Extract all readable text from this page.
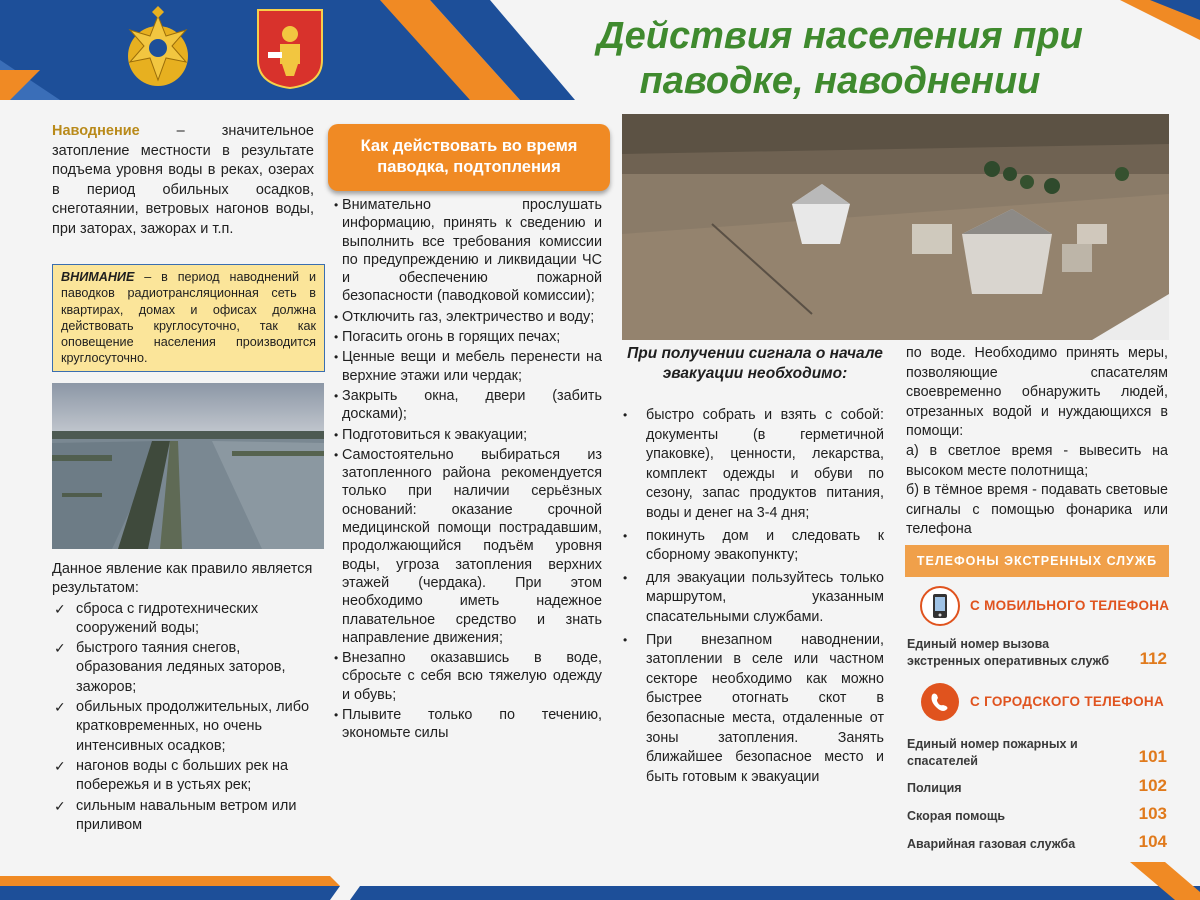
Действия населения при
паводке, наводнении

Наводнение – значительное затопление местности в результате подъема уровня воды в реках, озерах в период обильных осадков, снеготаянии, ветровых нагонов воды, при заторах, зажорах и т.п.

ВНИМАНИЕ – в период наводнений и паводков радиотрансляционная сеть в квартирах, домах и офисах должна действовать круглосуточно, так как оповещение населения производится круглосуточно.

Данное явление как правило является результатом:

✓ сброса с гидротехнических сооружений воды;
✓ быстрого таяния снегов, образования ледяных заторов, зажоров;
✓ обильных продолжительных, либо кратковременных, но очень интенсивных осадков;
✓ нагонов воды с больших рек на побережья и в устьях рек;
✓ сильным навальным ветром или приливом
Как действовать во время
паводка, подтопления
• Внимательно прослушать информацию, принять к сведению и выполнить все требования комиссии по предупреждению и ликвидации ЧС и обеспечению пожарной безопасности (паводковой комиссии);
• Отключить газ, электричество и воду;
• Погасить огонь в горящих печах;
• Ценные вещи и мебель перенести на верхние этажи или чердак;
• Закрыть окна, двери (забить досками);
• Подготовиться к эвакуации;
• Самостоятельно выбираться из затопленного района рекомендуется только при наличии серьёзных оснований: оказание срочной медицинской помощи пострадавшим, продолжающийся подъём уровня воды, угроза затопления верхних этажей (чердака). При этом необходимо иметь надежное плавательное средство и знать направление движения;
• Внезапно оказавшись в воде, сбросьте с себя всю тяжелую одежду и обувь;
• Плывите только по течению, экономьте силы
При получении сигнала о начале эвакуации необходимо:
• быстро собрать и взять с собой: документы (в герметичной упаковке), ценности, лекарства, комплект одежды и обуви по сезону, запас продуктов питания, воды и денег на 3-4 дня;
• покинуть дом и следовать к сборному эвакопункту;
• для эвакуации пользуйтесь только маршрутом, указанным спасательными службами.
• При внезапном наводнении, затоплении в селе или частном секторе необходимо как можно быстрее отогнать скот в безопасные места, отдаленные от зоны затопления. Занять ближайшее безопасное место и быть готовым к эвакуации

по воде. Необходимо принять меры, позволяющие спасателям своевременно обнаружить людей, отрезанных водой и нуждающихся в помощи:

а) в светлое время - вывесить на высоком месте полотнища;

б) в тёмное время - подавать световые сигналы с помощью фонарика или телефона

ТЕЛЕФОНЫ ЭКСТРЕННЫХ СЛУЖБ
С МОБИЛЬНОГО ТЕЛЕФОНА
Единый номер вызова
экстренных оперативных служб 112
С ГОРОДСКОГО ТЕЛЕФОНА
Единый номер пожарных и
спасателей	101
Полиция	102
Скорая помощь	103
Аварийная газовая служба	104
